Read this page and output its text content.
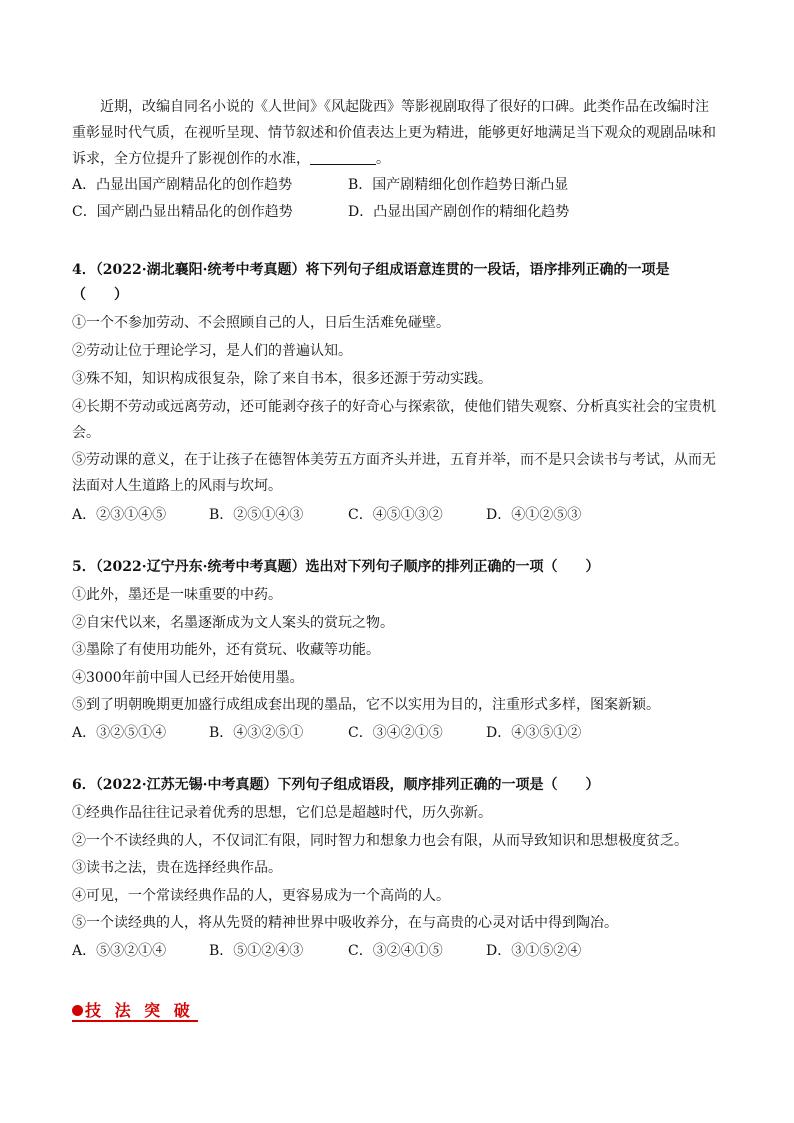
近期，改编自同名小说的《人世间》《风起陇西》等影视剧取得了很好的口碑。此类作品在改编时注
重彰显时代气质，在视听呈现、情节叙述和价值表达上更为精进，能够更好地满足当下观众的观剧品味和
诉求，全方位提升了影视创作的水准，	。
A．凸显出国产剧精品化的创作趋势	B．国产剧精细化创作趋势日渐凸显
C．国产剧凸显出精品化的创作趋势	D．凸显出国产剧创作的精细化趋势
4．（2022·湖北襄阳·统考中考真题）将下列句子组成语意连贯的一段话，语序排列正确的一项是
（　　）
①一个不参加劳动、不会照顾自己的人，日后生活难免碰壁。
②劳动让位于理论学习，是人们的普遍认知。
③殊不知，知识构成很复杂，除了来自书本，很多还源于劳动实践。
④长期不劳动或远离劳动，还可能剥夺孩子的好奇心与探索欲，使他们错失观察、分析真实社会的宝贵机
会。
⑤劳动课的意义，在于让孩子在德智体美劳五方面齐头并进，五育并举，而不是只会读书与考试，从而无
法面对人生道路上的风雨与坎坷。
A．②③①④⑤	B．②⑤①④③	C．④⑤①③②	D．④①②⑤③
5．（2022·辽宁丹东·统考中考真题）选出对下列句子顺序的排列正确的一项（　　）
①此外，墨还是一味重要的中药。
②自宋代以来，名墨逐渐成为文人案头的赏玩之物。
③墨除了有使用功能外，还有赏玩、收藏等功能。
④3000年前中国人已经开始使用墨。
⑤到了明朝晚期更加盛行成组成套出现的墨品，它不以实用为目的，注重形式多样，图案新颖。
A．③②⑤①④	B．④③②⑤①	C．③④②①⑤	D．④③⑤①②
6．（2022·江苏无锡·中考真题）下列句子组成语段，顺序排列正确的一项是（　　）
①经典作品往往记录着优秀的思想，它们总是超越时代，历久弥新。
②一个不读经典的人，不仅词汇有限，同时智力和想象力也会有限，从而导致知识和思想极度贫乏。
③读书之法，贵在选择经典作品。
④可见，一个常读经典作品的人，更容易成为一个高尚的人。
⑤一个读经典的人，将从先贤的精神世界中吸收养分，在与高贵的心灵对话中得到陶冶。
A．⑤③②①④	B．⑤①②④③	C．③②④①⑤	D．③①⑤②④
技 法 突 破
